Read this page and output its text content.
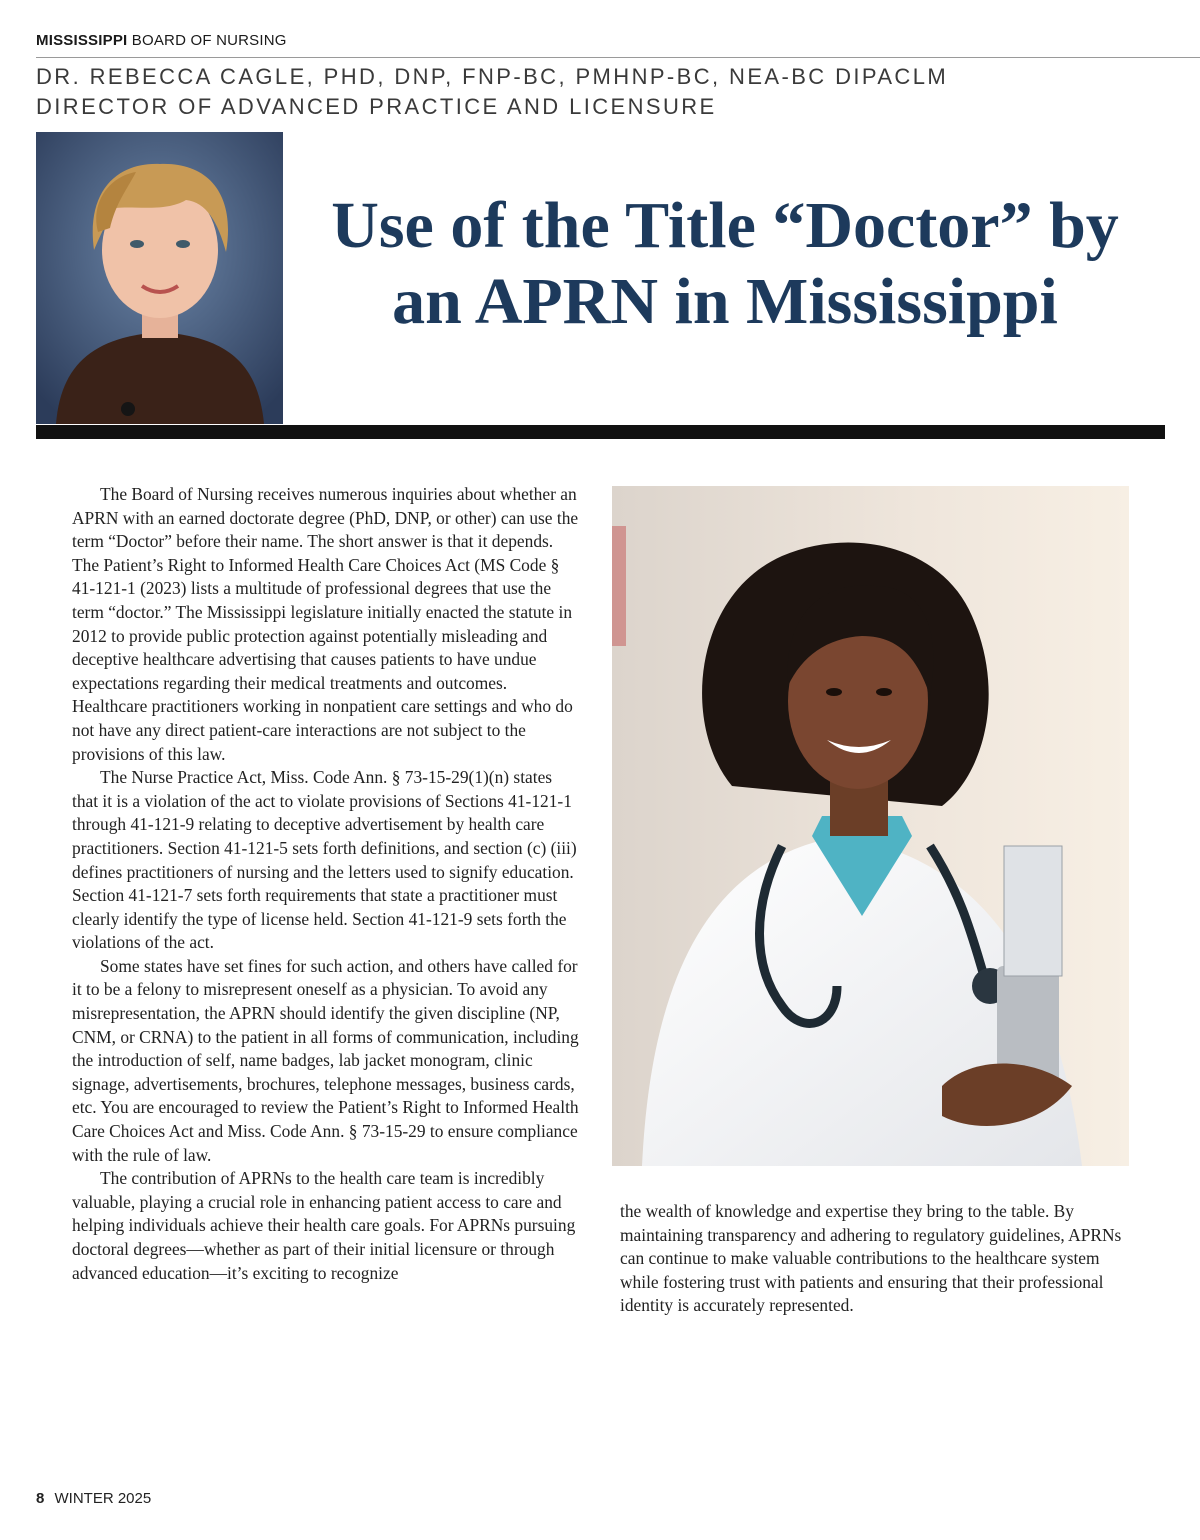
MISSISSIPPI BOARD OF NURSING
DR. REBECCA CAGLE, PHD, DNP, FNP-BC, PMHNP-BC, NEA-BC DIPACLM
DIRECTOR OF ADVANCED PRACTICE AND LICENSURE
Use of the Title “Doctor” by an APRN in Mississippi

The Board of Nursing receives numerous inquiries about whether an APRN with an earned doctorate degree (PhD, DNP, or other) can use the term “Doctor” before their name. The short answer is that it depends. The Patient’s Right to Informed Health Care Choices Act (MS Code § 41-121-1 (2023) lists a multitude of professional degrees that use the term “doctor.” The Mississippi legislature initially enacted the statute in 2012 to provide public protection against potentially misleading and deceptive healthcare advertising that causes patients to have undue expectations regarding their medical treatments and outcomes. Healthcare practitioners working in nonpatient care settings and who do not have any direct patient-care interactions are not subject to the provisions of this law.

The Nurse Practice Act, Miss. Code Ann. § 73-15-29(1)(n) states that it is a violation of the act to violate provisions of Sections 41-121-1 through 41-121-9 relating to deceptive advertisement by health care practitioners. Section 41-121-5 sets forth definitions, and section (c) (iii) defines practitioners of nursing and the letters used to signify education. Section 41-121-7 sets forth requirements that state a practitioner must clearly identify the type of license held. Section 41-121-9 sets forth the violations of the act.

Some states have set fines for such action, and others have called for it to be a felony to misrepresent oneself as a physician. To avoid any misrepresentation, the APRN should identify the given discipline (NP, CNM, or CRNA) to the patient in all forms of communication, including the introduction of self, name badges, lab jacket monogram, clinic signage, advertisements, brochures, telephone messages, business cards, etc. You are encouraged to review the Patient’s Right to Informed Health Care Choices Act and Miss. Code Ann. § 73-15-29 to ensure compliance with the rule of law.

The contribution of APRNs to the health care team is incredibly valuable, playing a crucial role in enhancing patient access to care and helping individuals achieve their health care goals. For APRNs pursuing doctoral degrees—whether as part of their initial licensure or through advanced education—it’s exciting to recognize

the wealth of knowledge and expertise they bring to the table. By maintaining transparency and adhering to regulatory guidelines, APRNs can continue to make valuable contributions to the healthcare system while fostering trust with patients and ensuring that their professional identity is accurately represented.

8 WINTER 2025
